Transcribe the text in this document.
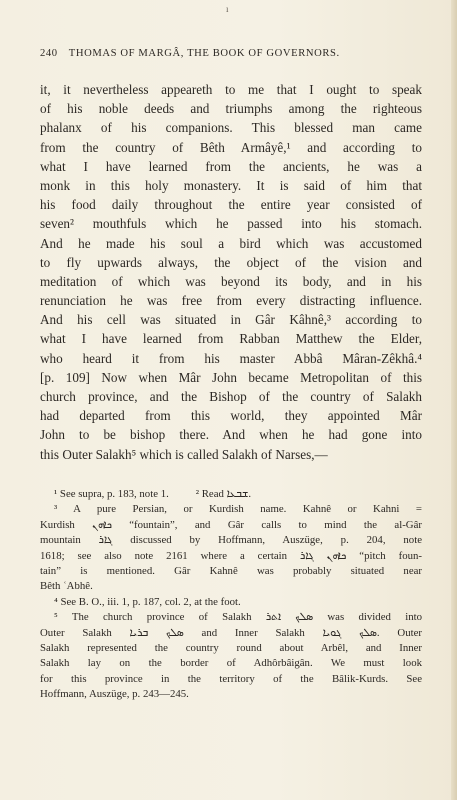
ı
240 THOMAS OF MARGÂ, THE BOOK OF GOVERNORS.
it, it nevertheless appeareth to me that I ought to speak
of his noble deeds and triumphs among the righteous
phalanx of his companions. This blessed man came
from the country of Bêth Armâyê,¹ and according to
what I have learned from the ancients, he was a
monk in this holy monastery. It is said of him that
his food daily throughout the entire year consisted of
seven² mouthfuls which he passed into his stomach.
And he made his soul a bird which was accustomed
to fly upwards always, the object of the vision and
meditation of which was beyond its body, and in his
renunciation he was free from every distracting influence.
And his cell was situated in Gâr Kâhnê,³ according to
what I have learned from Rabban Matthew the Elder,
who heard it from his master Abbâ Mâran-Zêkhâ.⁴
[p. 109] Now when Mâr John became Metropolitan of this
church province, and the Bishop of the country of Salakh
had departed from this world, they appointed Mâr
John to be bishop there. And when he had gone into
this Outer Salakh⁵ which is called Salakh of Narses,—
¹ See supra, p. 183, note 1.          ² Read ܫܒܥܐ.
³ A pure Persian, or Kurdish name. Kahnê or Kahni =
Kurdish ܟܐܗܢ “fountain”, and Gâr calls to mind the al-Gâr
mountain ܓܐܪ discussed by Hoffmann, Auszüge, p. 204, note
1618; see also note 2161 where a certain ܟܐܗܢ ܓܐܪ “pitch foun-
tain” is mentioned. Gâr Kahnê was probably situated near
Bêth ʿAbhê.
⁴ See B. O., iii. 1, p. 187, col. 2, at the foot.
⁵ The church province of Salakh ܣܠܟ ܐܬܪ was divided into
Outer Salakh ܣܠܟ ܒܪܝܐ and Inner Salakh ܣܠܟ ܓܘܝܐ. Outer
Salakh represented the country round about Arbêl, and Inner
Salakh lay on the border of Adhôrbâigân. We must look
for this province in the territory of the Bâlik-Kurds. See
Hoffmann, Auszüge, p. 243—245.
